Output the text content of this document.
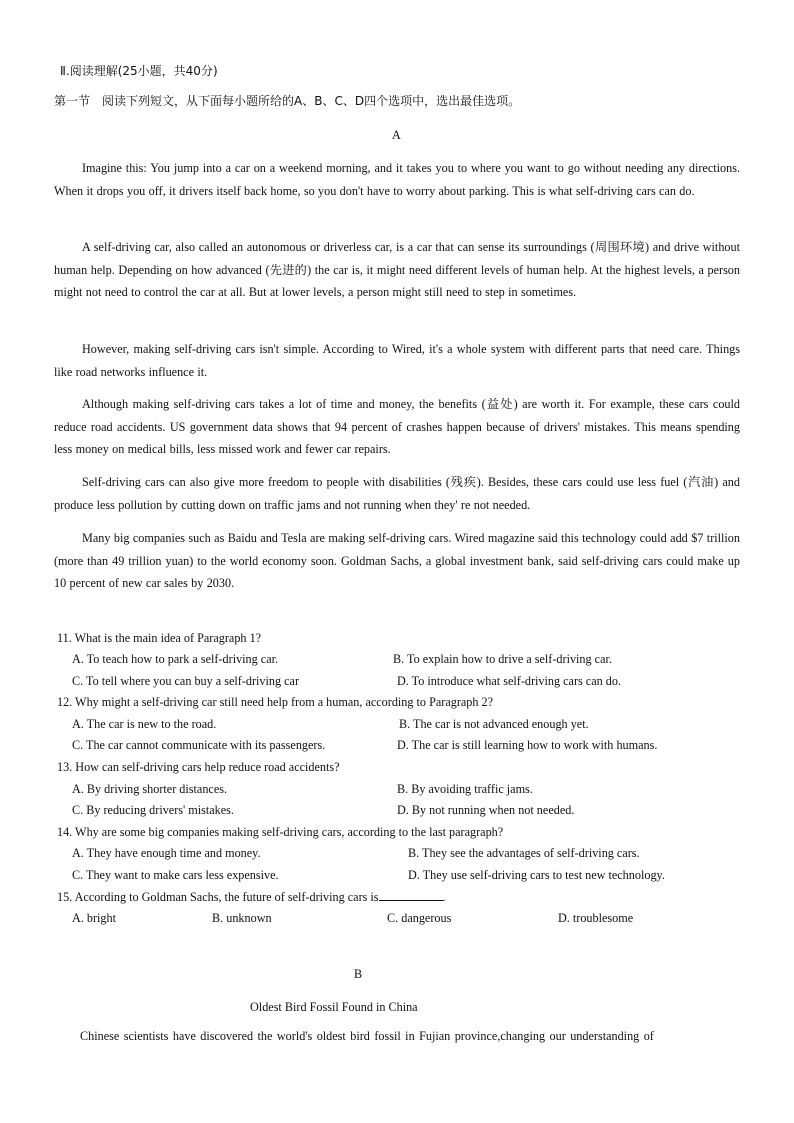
Ⅱ.阅读理解(25小题，共40分)
第一节　阅读下列短文，从下面每小题所给的A、B、C、D四个选项中，选出最佳选项。
A
Imagine this: You jump into a car on a weekend morning, and it takes you to where you want to go without needing any directions. When it drops you off, it drivers itself back home, so you don't have to worry about parking. This is what self-driving cars can do.
A self-driving car, also called an autonomous or driverless car, is a car that can sense its surroundings (周围环境) and drive without human help. Depending on how advanced (先进的) the car is, it might need different levels of human help. At the highest levels, a person might not need to control the car at all. But at lower levels, a person might still need to step in sometimes.
However, making self-driving cars isn't simple. According to Wired, it's a whole system with different parts that need care. Things like road networks influence it.
Although making self-driving cars takes a lot of time and money, the benefits (益处) are worth it. For example, these cars could reduce road accidents. US government data shows that 94 percent of crashes happen because of drivers' mistakes. This means spending less money on medical bills, less missed work and fewer car repairs.
Self-driving cars can also give more freedom to people with disabilities (残疾). Besides, these cars could use less fuel (汽油) and produce less pollution by cutting down on traffic jams and not running when they' re not needed.
Many big companies such as Baidu and Tesla are making self-driving cars. Wired magazine said this technology could add $7 trillion (more than 49 trillion yuan) to the world economy soon. Goldman Sachs, a global investment bank, said self-driving cars could make up 10 percent of new car sales by 2030.
11. What is the main idea of Paragraph 1?
A. To teach how to park a self-driving car.	B. To explain how to drive a self-driving car.
C. To tell where you can buy a self-driving car	D. To introduce what self-driving cars can do.
12. Why might a self-driving car still need help from a human, according to Paragraph 2?
A. The car is new to the road.	B. The car is not advanced enough yet.
C. The car cannot communicate with its passengers.	D. The car is still learning how to work with humans.
13. How can self-driving cars help reduce road accidents?
A. By driving shorter distances.	B. By avoiding traffic jams.
C. By reducing drivers' mistakes.	D. By not running when not needed.
14. Why are some big companies making self-driving cars, according to the last paragraph?
A. They have enough time and money.	B. They see the advantages of self-driving cars.
C. They want to make cars less expensive.	D. They use self-driving cars to test new technology.
15. According to Goldman Sachs, the future of self-driving cars is	.
A. bright	B. unknown	C. dangerous	D. troublesome
B
Oldest Bird Fossil Found in China
Chinese scientists have discovered the world's oldest bird fossil in Fujian province,changing our understanding of
